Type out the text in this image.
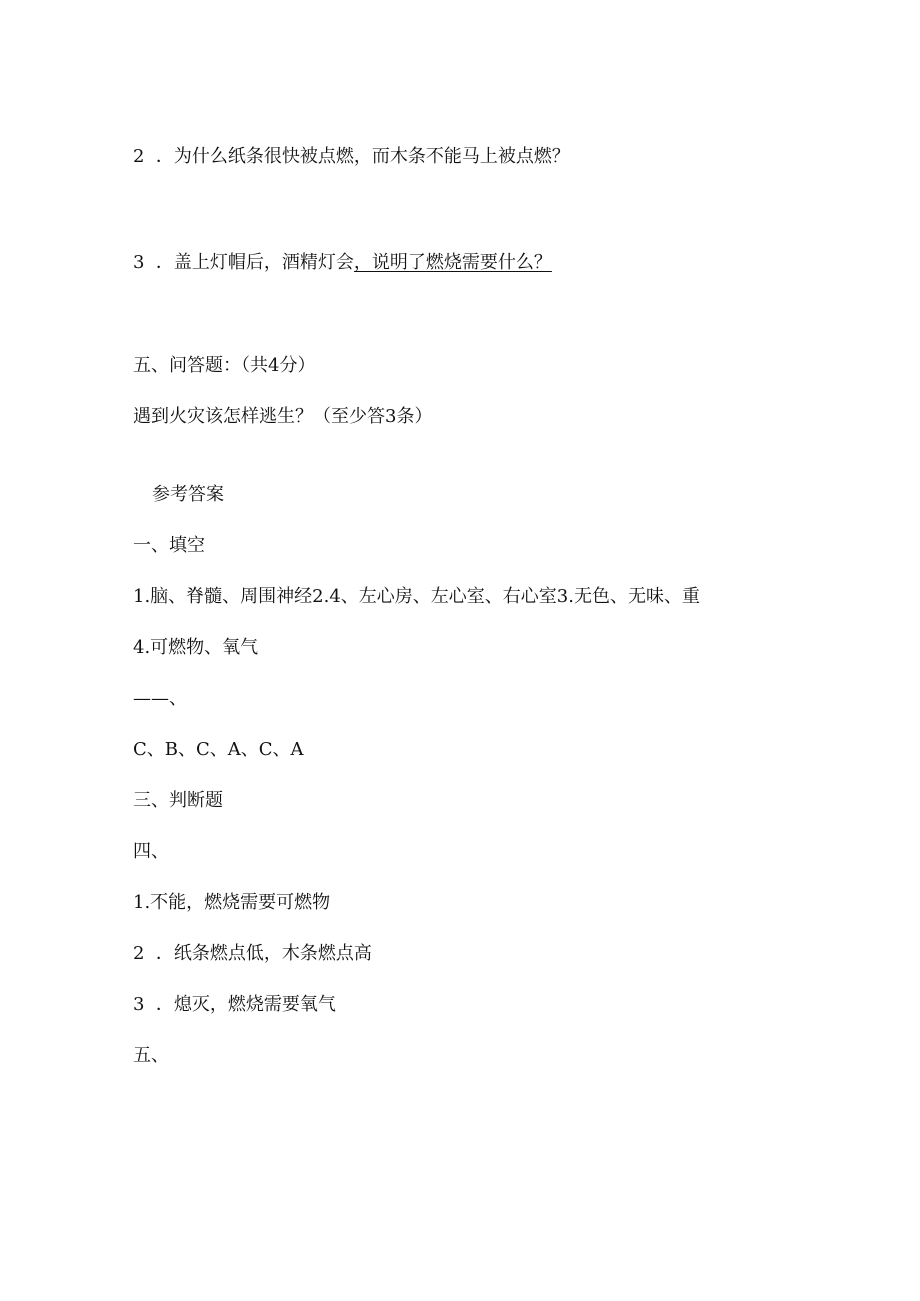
2 ．为什么纸条很快被点燃，而木条不能马上被点燃？
3 ．盖上灯帽后，酒精灯会，说明了燃烧需要什么？
五、问答题：（共4分）
遇到火灾该怎样逃生？（至少答3条）
参考答案
一、填空
1.脑、脊髓、周围神经2.4、左心房、左心室、右心室3.无色、无味、重
4.可燃物、氧气
——、
C、B、C、A、C、A
三、判断题
四、
1.不能，燃烧需要可燃物
2 ．纸条燃点低，木条燃点高
3 ．熄灭，燃烧需要氧气
五、
